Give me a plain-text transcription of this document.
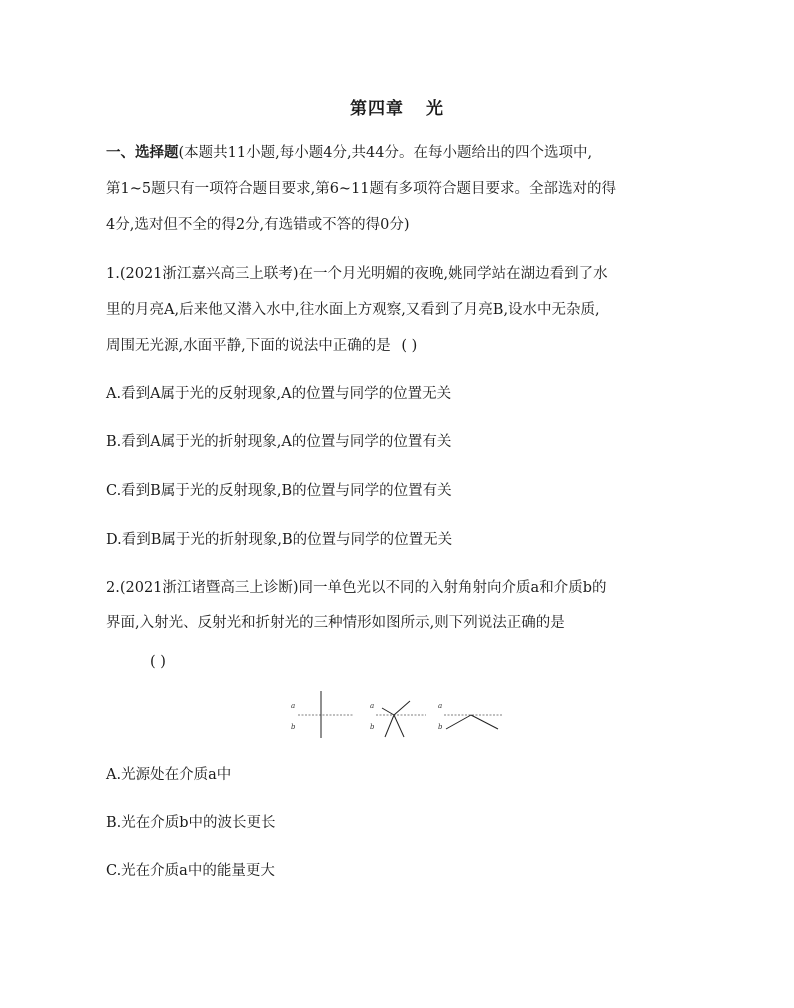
第四章 光
一、选择题(本题共11小题,每小题4分,共44分。在每小题给出的四个选项中,
第1~5题只有一项符合题目要求,第6~11题有多项符合题目要求。全部选对的得
4分,选对但不全的得2分,有选错或不答的得0分)
1.(2021浙江嘉兴高三上联考)在一个月光明媚的夜晚,姚同学站在湖边看到了水
里的月亮A,后来他又潜入水中,往水面上方观察,又看到了月亮B,设水中无杂质,
周围无光源,水面平静,下面的说法中正确的是 ( )
A.看到A属于光的反射现象,A的位置与同学的位置无关
B.看到A属于光的折射现象,A的位置与同学的位置有关
C.看到B属于光的反射现象,B的位置与同学的位置有关
D.看到B属于光的折射现象,B的位置与同学的位置无关
2.(2021浙江诸暨高三上诊断)同一单色光以不同的入射角射向介质a和介质b的
界面,入射光、反射光和折射光的三种情形如图所示,则下列说法正确的是
( )
a
b
a
b
a
b
A.光源处在介质a中
B.光在介质b中的波长更长
C.光在介质a中的能量更大
